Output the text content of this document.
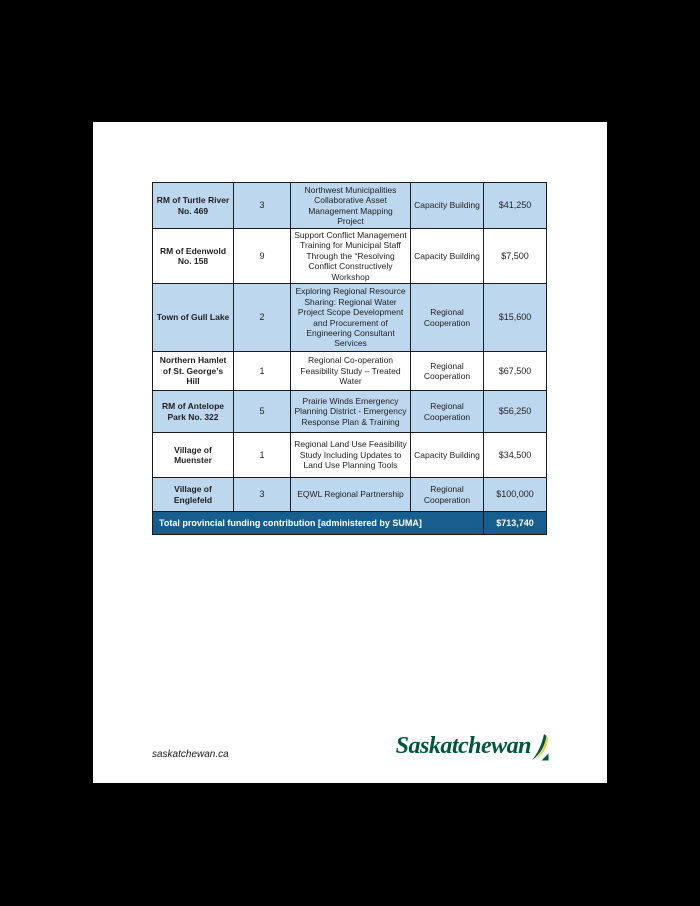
RM of Turtle River No. 469	3	Northwest Municipalities Collaborative Asset Management Mapping Project	Capacity Building	$41,250
RM of Edenwold No. 158	9	Support Conflict Management Training for Municipal Staff Through the “Resolving Conflict Constructively Workshop	Capacity Building	$7,500
Town of Gull Lake	2	Exploring Regional Resource Sharing: Regional Water Project Scope Development and Procurement of Engineering Consultant Services	Regional Cooperation	$15,600
Northern Hamlet of St. George’s Hill	1	Regional Co-operation Feasibility Study – Treated Water	Regional Cooperation	$67,500
RM of Antelope Park No. 322	5	Prairie Winds Emergency Planning District - Emergency Response Plan & Training	Regional Cooperation	$56,250
Village of Muenster	1	Regional Land Use Feasibility Study Including Updates to Land Use Planning Tools	Capacity Building	$34,500
Village of Englefeld	3	EQWL Regional Partnership	Regional Cooperation	$100,000
Total provincial funding contribution [administered by SUMA]				$713,740
saskatchewan.ca	Saskatchewan
